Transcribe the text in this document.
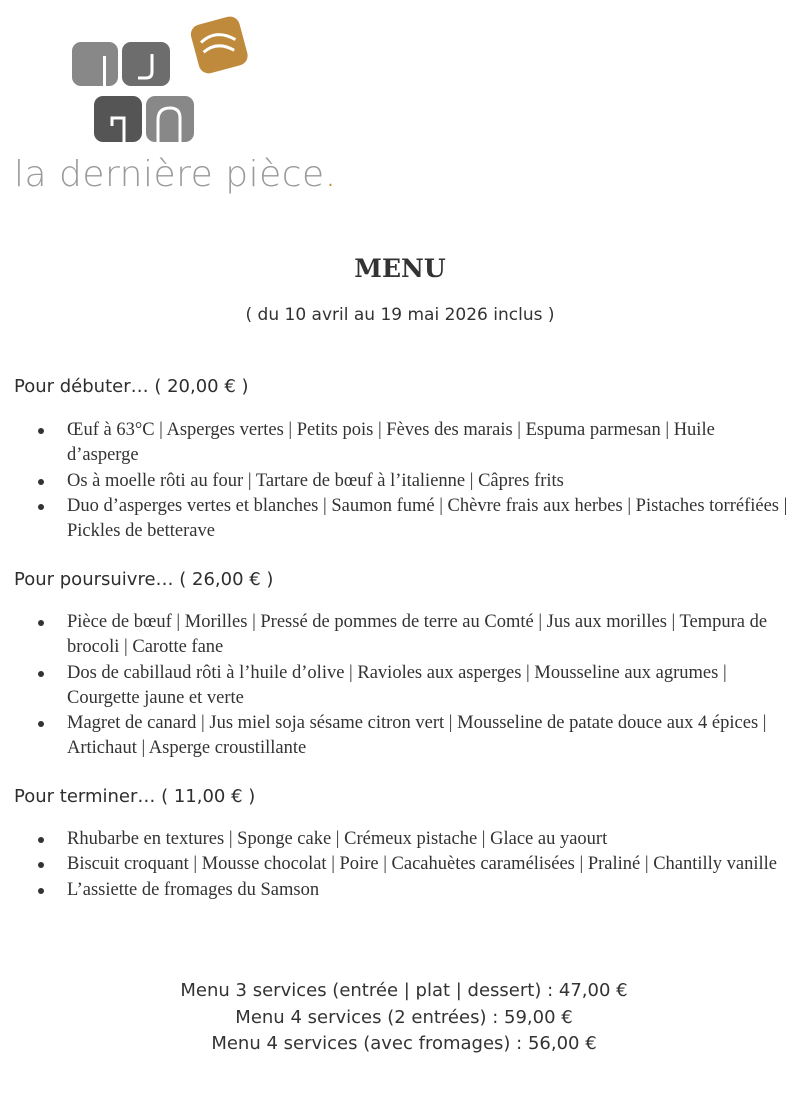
la dernière pièce.
MENU
( du 10 avril au 19 mai 2026 inclus )
Pour débuter… ( 20,00 € )
Œuf à 63°C | Asperges vertes | Petits pois | Fèves des marais | Espuma parmesan | Huile d’asperge
Os à moelle rôti au four | Tartare de bœuf à l’italienne | Câpres frits
Duo d’asperges vertes et blanches | Saumon fumé | Chèvre frais aux herbes | Pistaches torréfiées | Pickles de betterave
Pour poursuivre… ( 26,00 € )
Pièce de bœuf | Morilles | Pressé de pommes de terre au Comté | Jus aux morilles | Tempura de brocoli | Carotte fane
Dos de cabillaud rôti à l’huile d’olive | Ravioles aux asperges | Mousseline aux agrumes | Courgette jaune et verte
Magret de canard | Jus miel soja sésame citron vert | Mousseline de patate douce aux 4 épices | Artichaut | Asperge croustillante
Pour terminer… ( 11,00 € )
Rhubarbe en textures | Sponge cake | Crémeux pistache | Glace au yaourt
Biscuit croquant | Mousse chocolat | Poire | Cacahuètes caramélisées | Praliné | Chantilly vanille
L’assiette de fromages du Samson
Menu 3 services (entrée | plat | dessert) : 47,00 €
Menu 4 services (2 entrées) : 59,00 €
Menu 4 services (avec fromages) : 56,00 €
